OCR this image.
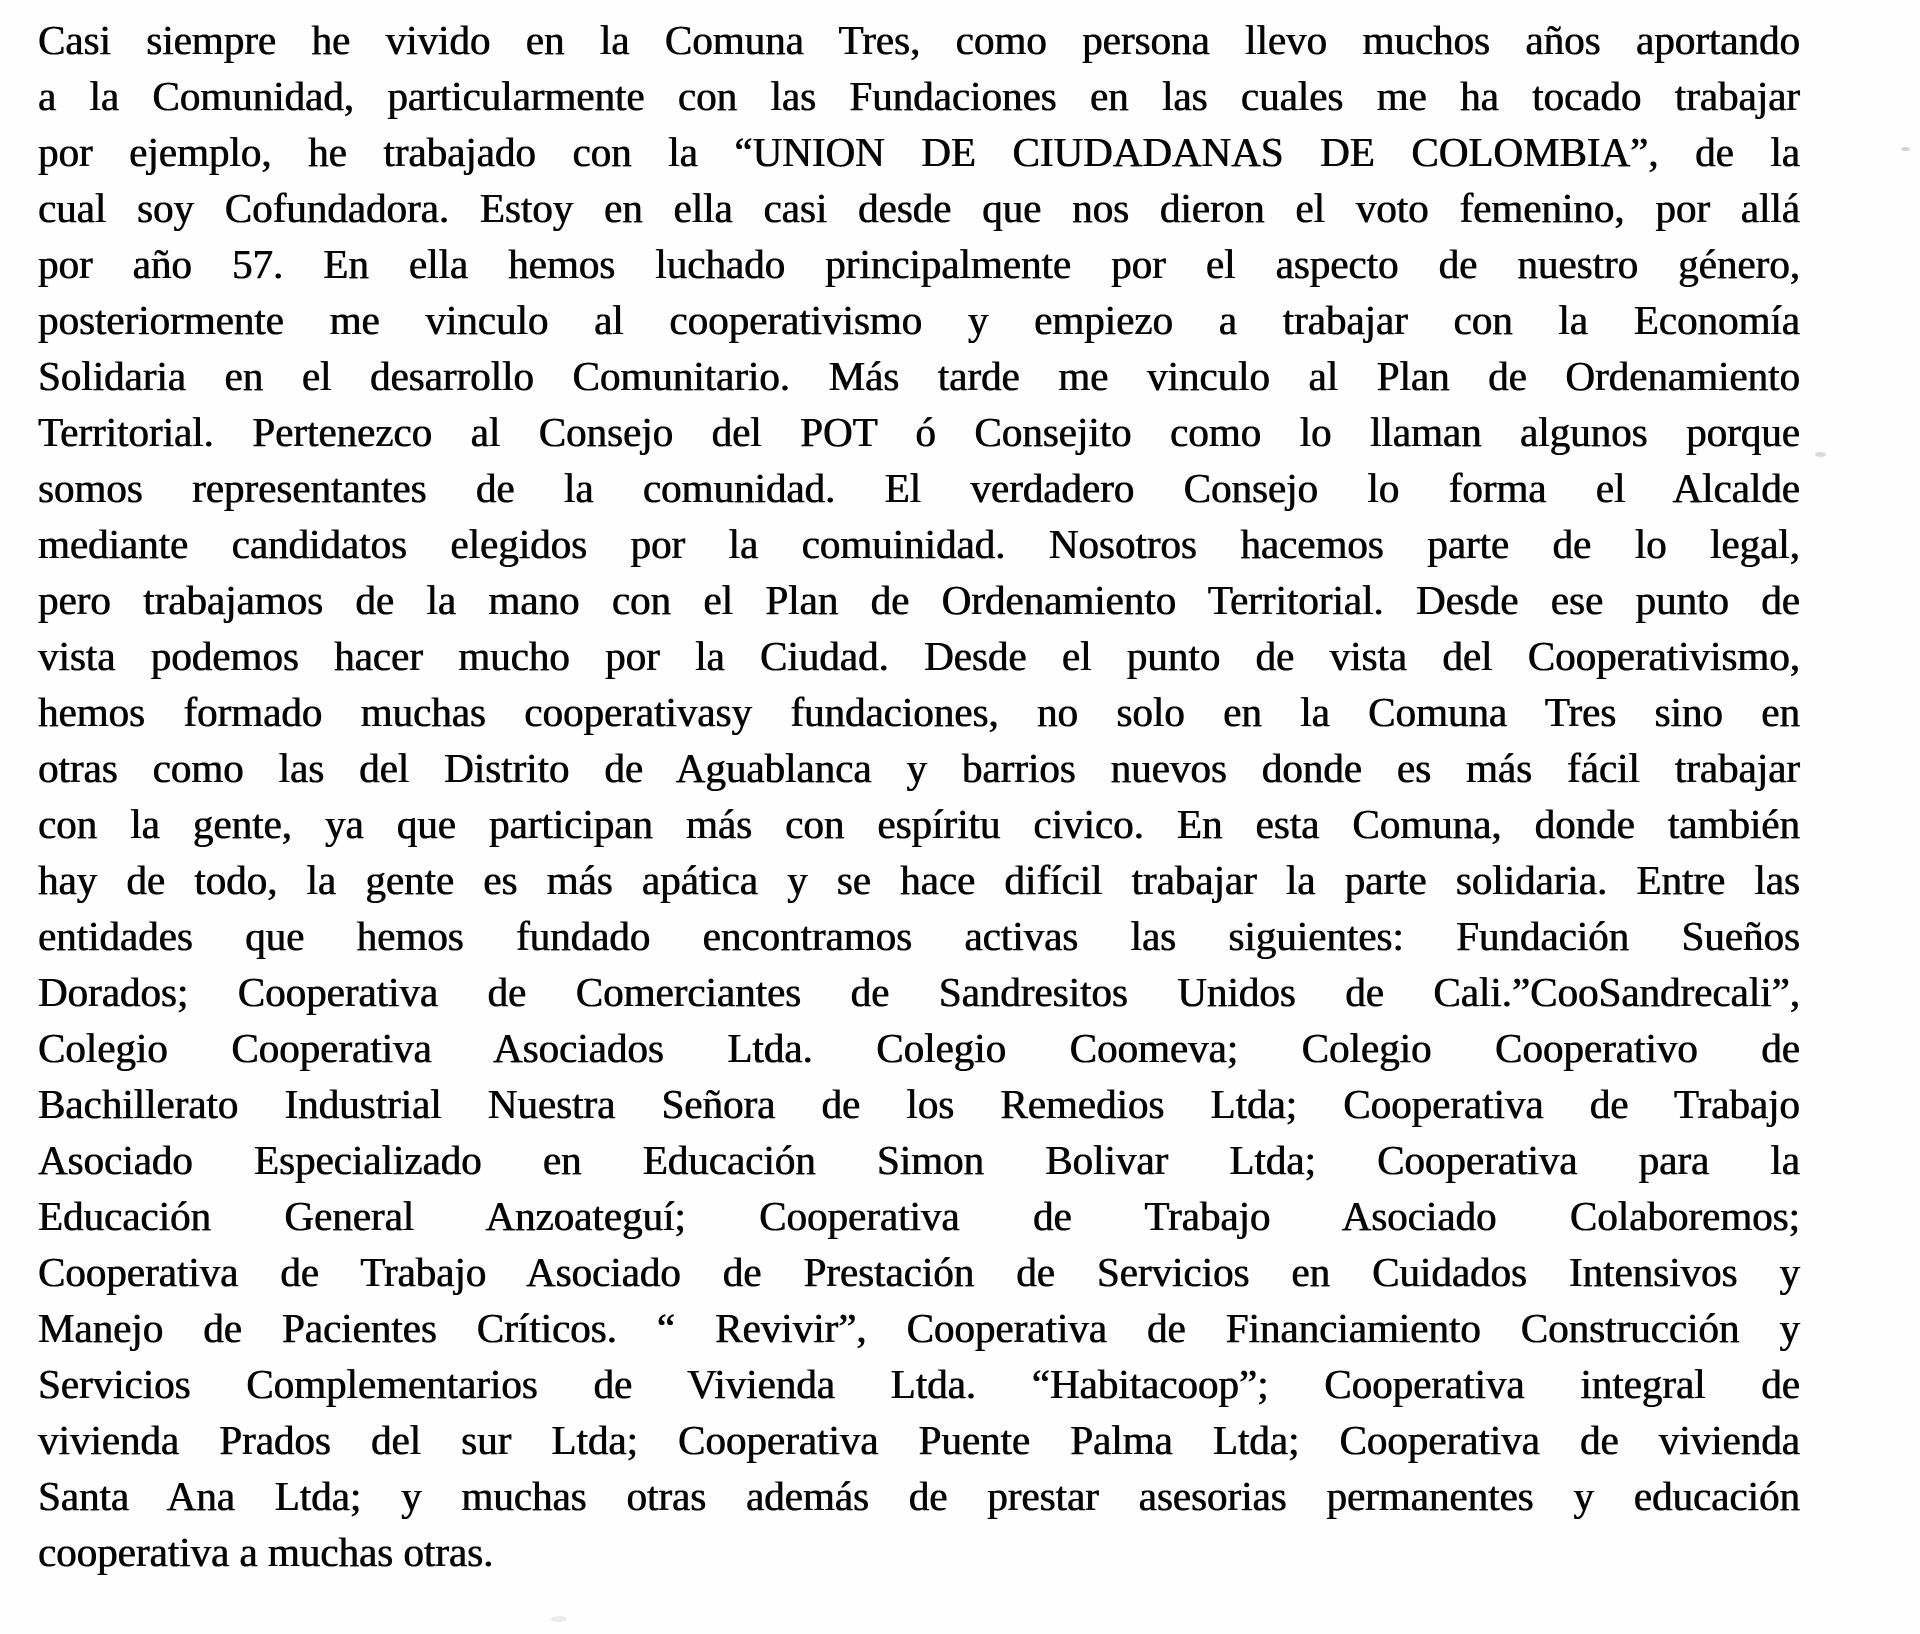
Casi siempre he vivido en la Comuna Tres, como persona llevo muchos años aportando
a la Comunidad, particularmente con las Fundaciones en las cuales me ha tocado trabajar
por ejemplo, he trabajado con la “UNION DE CIUDADANAS DE COLOMBIA”, de la
cual soy Cofundadora. Estoy en ella casi desde que nos dieron el voto femenino, por allá
por año 57. En ella hemos luchado principalmente por el aspecto de nuestro género,
posteriormente me vinculo al cooperativismo y empiezo a trabajar con la Economía
Solidaria en el desarrollo Comunitario. Más tarde me vinculo al Plan de Ordenamiento
Territorial. Pertenezco al Consejo del POT ó Consejito como lo llaman algunos porque
somos representantes de la comunidad. El verdadero Consejo lo forma el Alcalde
mediante candidatos elegidos por la comuinidad. Nosotros hacemos parte de lo legal,
pero trabajamos de la mano con el Plan de Ordenamiento Territorial. Desde ese punto de
vista podemos hacer mucho por la Ciudad. Desde el punto de vista del Cooperativismo,
hemos formado muchas cooperativasy fundaciones, no solo en la Comuna Tres sino en
otras como las del Distrito de Aguablanca y barrios nuevos donde es más fácil trabajar
con la gente, ya que participan más con espíritu civico. En esta Comuna, donde también
hay de todo, la gente es más apática y se hace difícil trabajar la parte solidaria. Entre las
entidades que hemos fundado encontramos activas las siguientes: Fundación Sueños
Dorados; Cooperativa de Comerciantes de Sandresitos Unidos de Cali.”CooSandrecali”,
Colegio Cooperativa Asociados Ltda. Colegio Coomeva; Colegio Cooperativo de
Bachillerato Industrial Nuestra Señora de los Remedios Ltda; Cooperativa de Trabajo
Asociado Especializado en Educación Simon Bolivar Ltda; Cooperativa para la
Educación General Anzoateguí; Cooperativa de Trabajo Asociado Colaboremos;
Cooperativa de Trabajo Asociado de Prestación de Servicios en Cuidados Intensivos y
Manejo de Pacientes Críticos. “ Revivir”, Cooperativa de Financiamiento Construcción y
Servicios Complementarios de Vivienda Ltda. “Habitacoop”; Cooperativa integral de
vivienda Prados del sur Ltda; Cooperativa Puente Palma Ltda; Cooperativa de vivienda
Santa Ana Ltda; y muchas otras además de prestar asesorias permanentes y educación
cooperativa a muchas otras.
